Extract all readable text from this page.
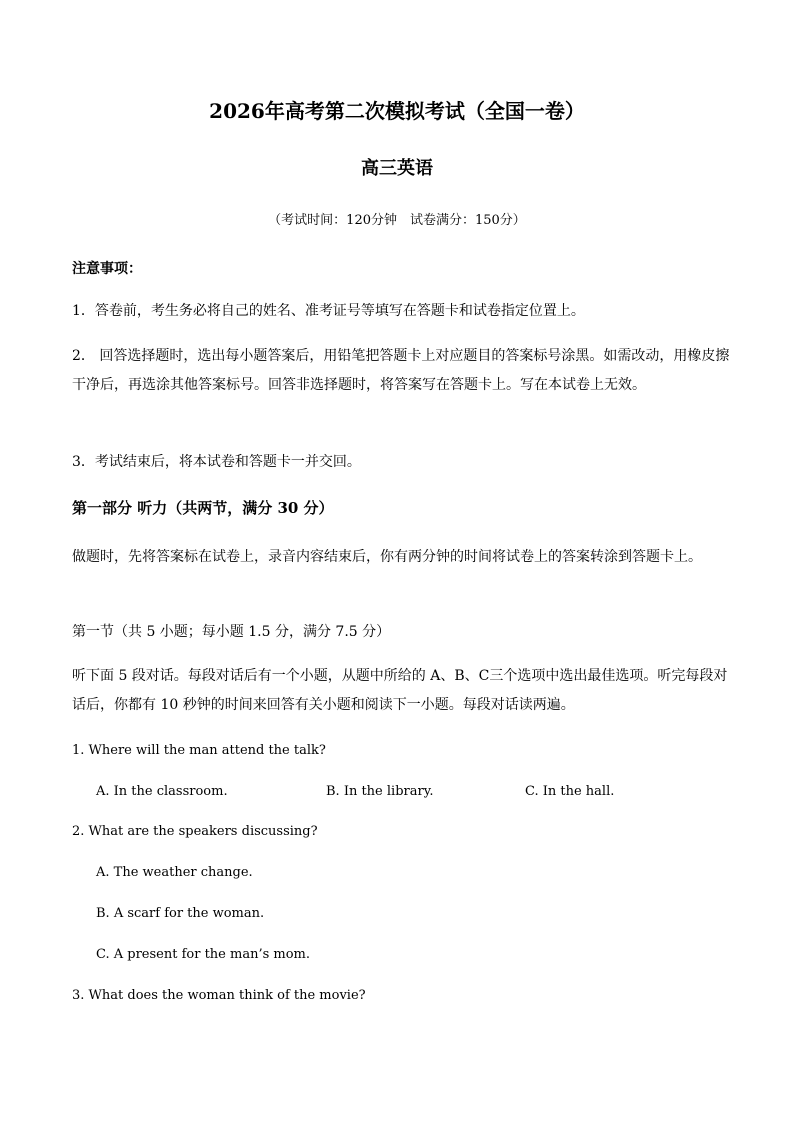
2026年高考第二次模拟考试（全国一卷）
高三英语
（考试时间：120分钟　试卷满分：150分）
注意事项：
1．答卷前，考生务必将自己的姓名、准考证号等填写在答题卡和试卷指定位置上。
2． 回答选择题时，选出每小题答案后，用铅笔把答题卡上对应题目的答案标号涂黑。如需改动，用橡皮擦干净后，再选涂其他答案标号。回答非选择题时，将答案写在答题卡上。写在本试卷上无效。
3．考试结束后，将本试卷和答题卡一并交回。
第一部分 听力（共两节，满分 30 分）
做题时，先将答案标在试卷上，录音内容结束后，你有两分钟的时间将试卷上的答案转涂到答题卡上。
第一节（共 5 小题；每小题 1.5 分，满分 7.5 分）
听下面 5 段对话。每段对话后有一个小题，从题中所给的 A、B、C三个选项中选出最佳选项。听完每段对话后，你都有 10 秒钟的时间来回答有关小题和阅读下一小题。每段对话读两遍。
1. Where will the man attend the talk?
A. In the classroom.	B. In the library.	C. In the hall.
2. What are the speakers discussing?
A. The weather change.
B. A scarf for the woman.
C. A present for the man’s mom.
3. What does the woman think of the movie?
